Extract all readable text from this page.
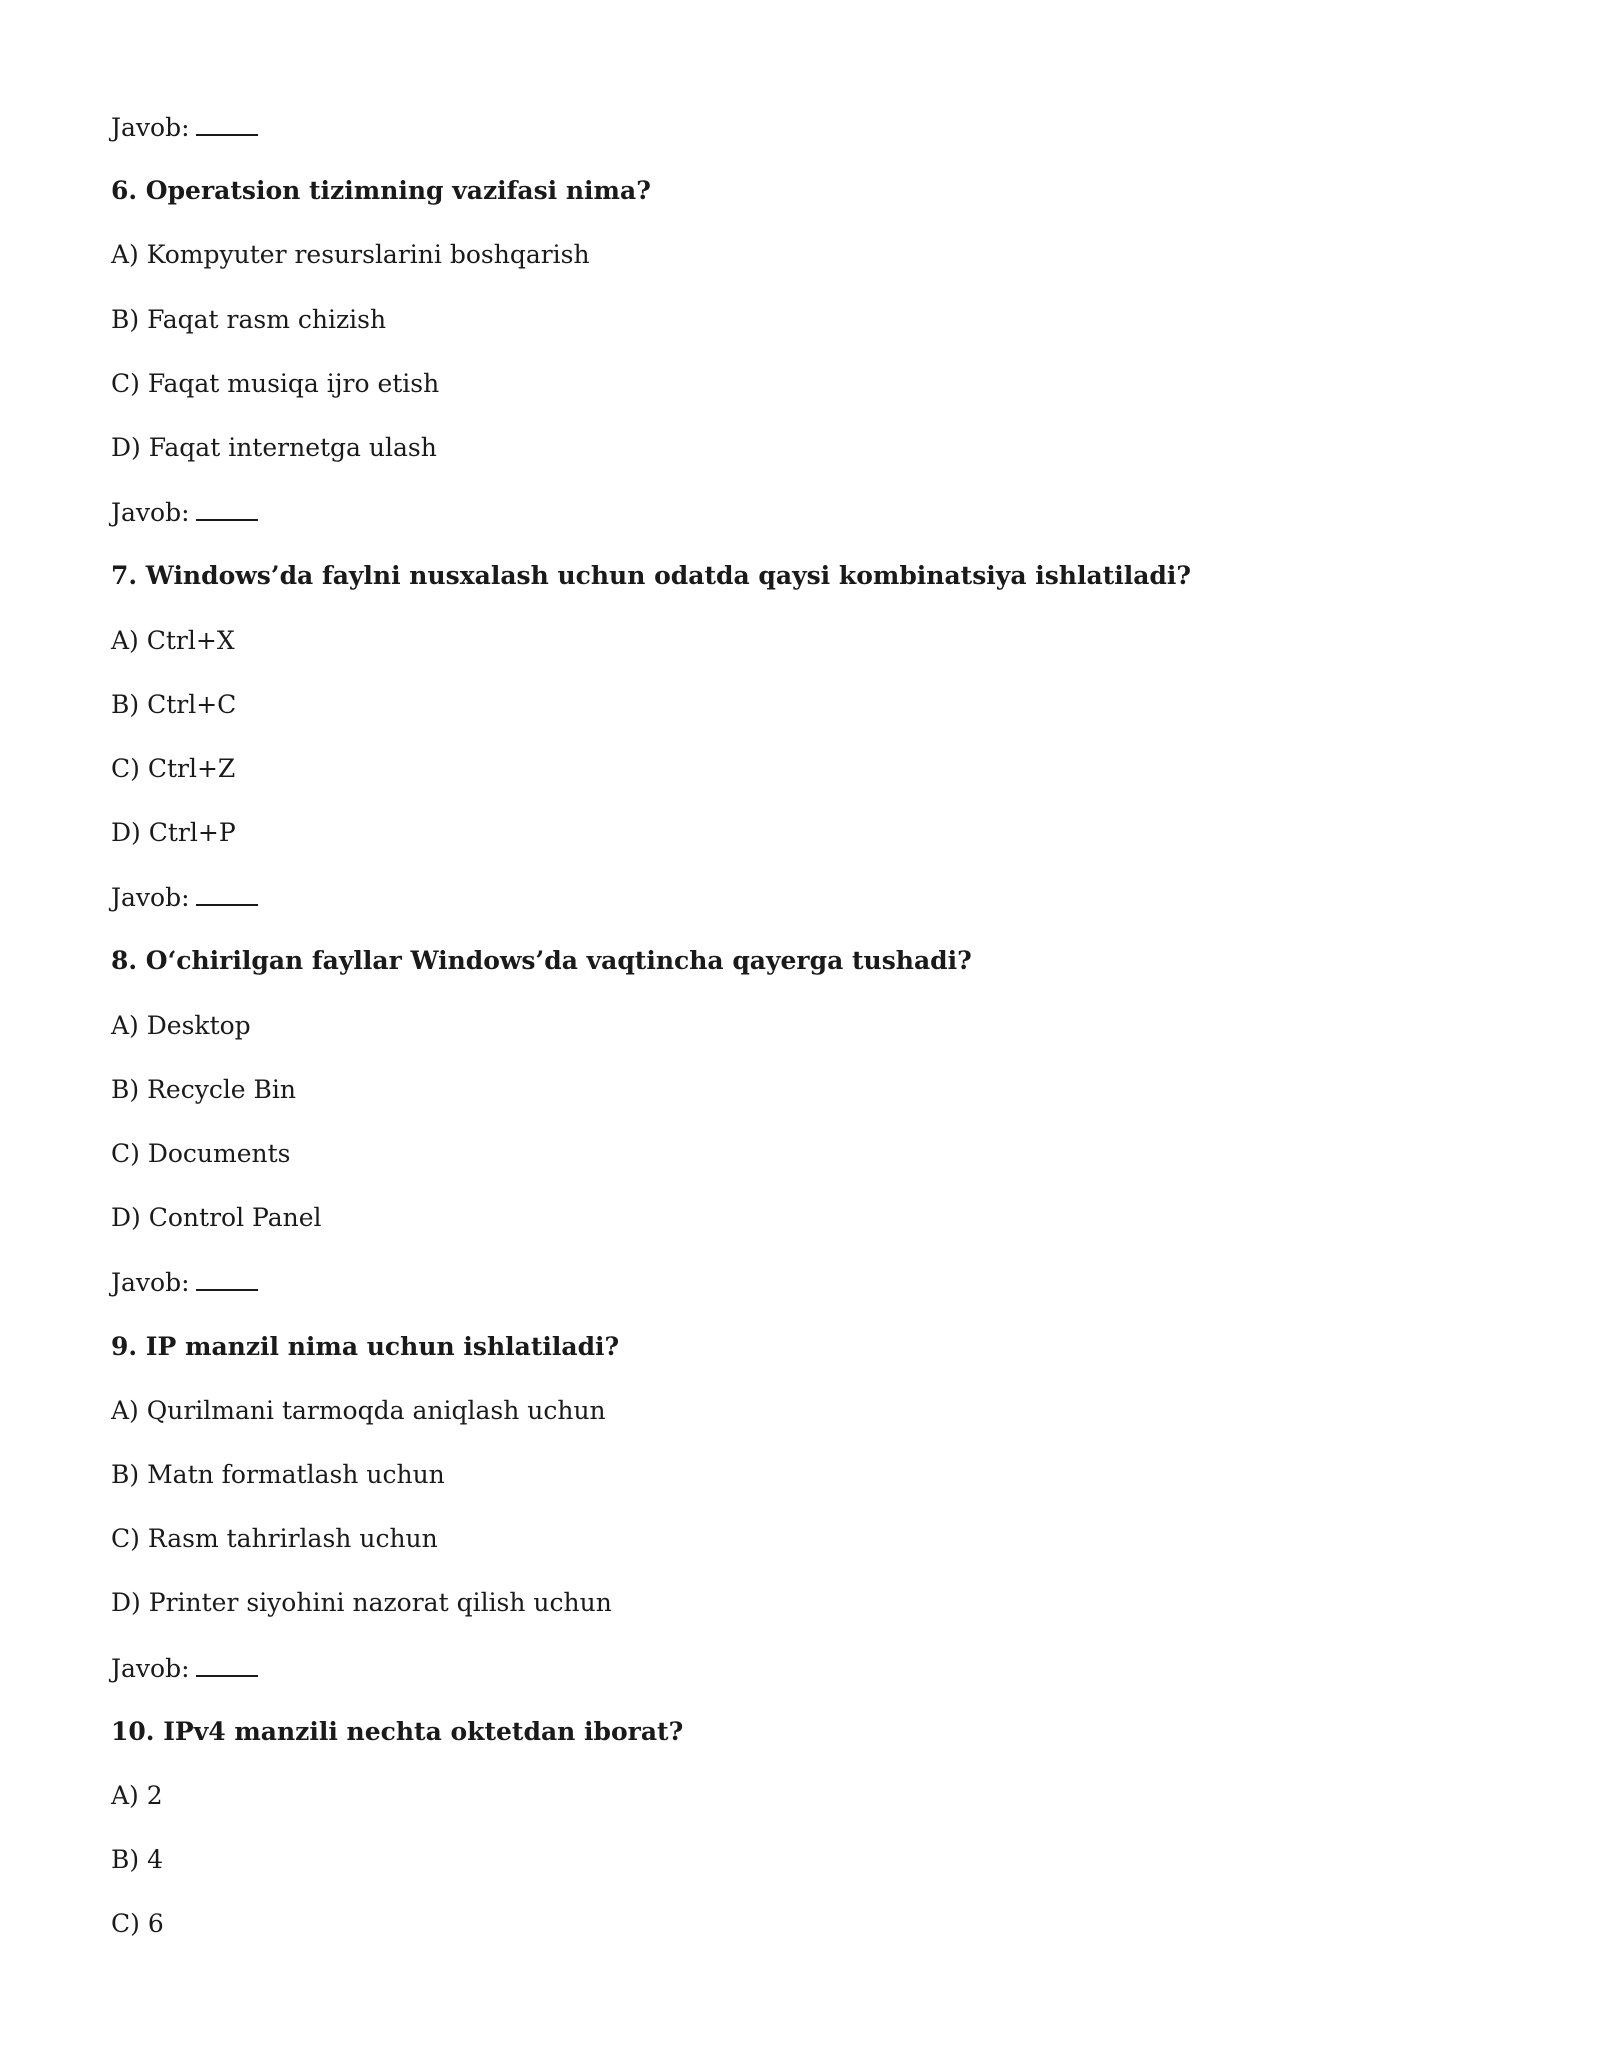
Javob:
6. Operatsion tizimning vazifasi nima?
A) Kompyuter resurslarini boshqarish
B) Faqat rasm chizish
C) Faqat musiqa ijro etish
D) Faqat internetga ulash
Javob:
7. Windows’da faylni nusxalash uchun odatda qaysi kombinatsiya ishlatiladi?
A) Ctrl+X
B) Ctrl+C
C) Ctrl+Z
D) Ctrl+P
Javob:
8. O‘chirilgan fayllar Windows’da vaqtincha qayerga tushadi?
A) Desktop
B) Recycle Bin
C) Documents
D) Control Panel
Javob:
9. IP manzil nima uchun ishlatiladi?
A) Qurilmani tarmoqda aniqlash uchun
B) Matn formatlash uchun
C) Rasm tahrirlash uchun
D) Printer siyohini nazorat qilish uchun
Javob:
10. IPv4 manzili nechta oktetdan iborat?
A) 2
B) 4
C) 6
